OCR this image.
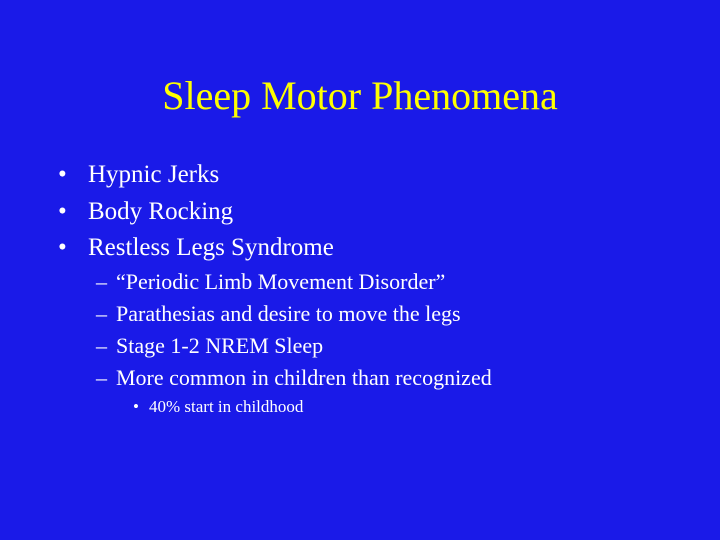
Sleep Motor Phenomena
• Hypnic Jerks
• Body Rocking
• Restless Legs Syndrome
– “Periodic Limb Movement Disorder”
– Parathesias and desire to move the legs
– Stage 1-2 NREM Sleep
– More common in children than recognized
• 40% start in childhood
